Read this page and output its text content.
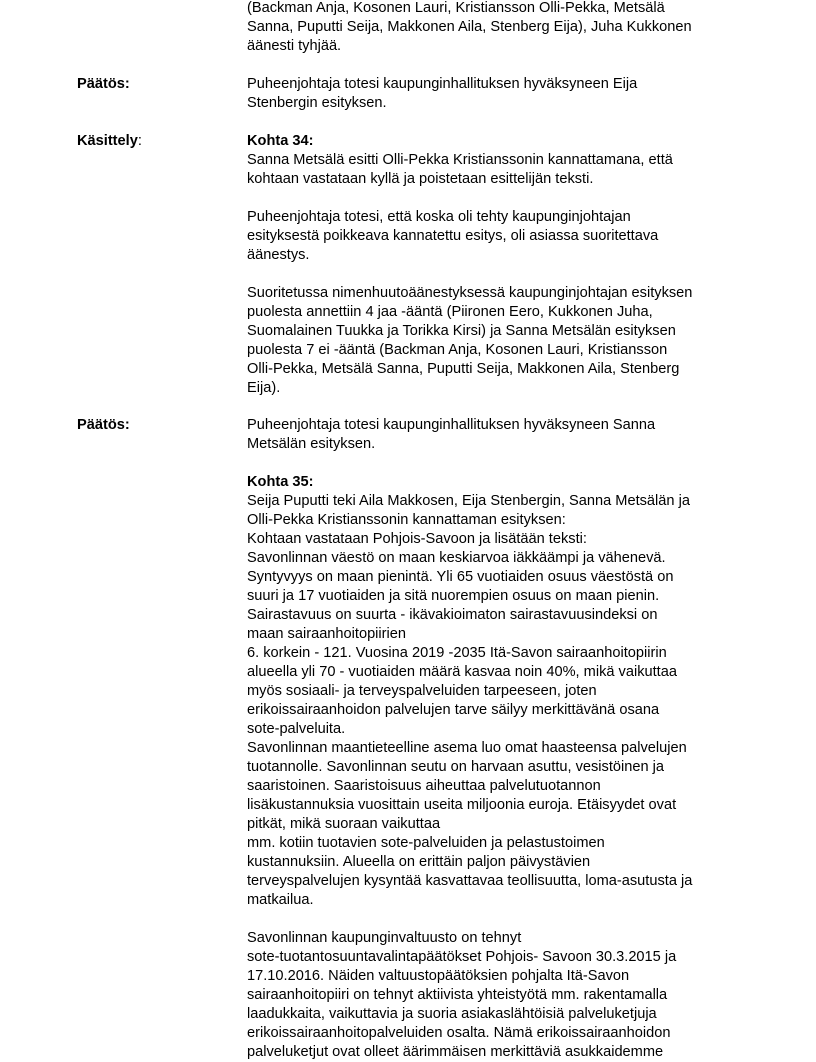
(Backman Anja, Kosonen Lauri, Kristiansson Olli-Pekka, Metsälä
Sanna, Puputti Seija, Makkonen Aila, Stenberg Eija), Juha Kukkonen
äänesti tyhjää.
Päätös:	Puheenjohtaja totesi kaupunginhallituksen hyväksyneen Eija
Stenbergin esityksen.
Käsittely:	Kohta 34:
Sanna Metsälä esitti Olli-Pekka Kristianssonin kannattamana, että
kohtaan vastataan kyllä ja poistetaan esittelijän teksti.
Puheenjohtaja totesi, että koska oli tehty kaupunginjohtajan
esityksestä poikkeava kannatettu esitys, oli asiassa suoritettava
äänestys.
Suoritetussa nimenhuutoäänestyksessä kaupunginjohtajan esityksen
puolesta annettiin 4 jaa -ääntä (Piironen Eero, Kukkonen Juha,
Suomalainen Tuukka ja Torikka Kirsi) ja Sanna Metsälän esityksen
puolesta 7 ei -ääntä (Backman Anja, Kosonen Lauri, Kristiansson
Olli-Pekka, Metsälä Sanna, Puputti Seija, Makkonen Aila, Stenberg
Eija).
Päätös:	Puheenjohtaja totesi kaupunginhallituksen hyväksyneen Sanna
Metsälän esityksen.
Kohta 35:
Seija Puputti teki Aila Makkosen, Eija Stenbergin, Sanna Metsälän ja
Olli-Pekka Kristianssonin kannattaman esityksen:
Kohtaan vastataan Pohjois-Savoon ja lisätään teksti:
Savonlinnan väestö on maan keskiarvoa iäkkäämpi ja vähenevä.
Syntyvyys on maan pienintä. Yli 65 vuotiaiden osuus väestöstä on
suuri ja 17 vuotiaiden ja sitä nuorempien osuus on maan pienin.
Sairastavuus on suurta - ikävakioimaton sairastavuusindeksi on
maan sairaanhoitopiirien
6. korkein - 121. Vuosina 2019 -2035 Itä-Savon sairaanhoitopiirin
alueella yli 70 - vuotiaiden määrä kasvaa noin 40%, mikä vaikuttaa
myös sosiaali- ja terveyspalveluiden tarpeeseen, joten
erikoissairaanhoidon palvelujen tarve säilyy merkittävänä osana
sote-palveluita.
Savonlinnan maantieteelline asema luo omat haasteensa palvelujen
tuotannolle. Savonlinnan seutu on harvaan asuttu, vesistöinen ja
saaristoinen. Saaristoisuus aiheuttaa palvelutuotannon
lisäkustannuksia vuosittain useita miljoonia euroja. Etäisyydet ovat
pitkät, mikä suoraan vaikuttaa
mm. kotiin tuotavien sote-palveluiden ja pelastustoimen
kustannuksiin. Alueella on erittäin paljon päivystävien
terveyspalvelujen kysyntää kasvattavaa teollisuutta, loma-asutusta ja
matkailua.
Savonlinnan kaupunginvaltuusto on tehnyt
sote-tuotantosuuntavalintapäätökset Pohjois- Savoon 30.3.2015 ja
17.10.2016. Näiden valtuustopäätöksien pohjalta Itä-Savon
sairaanhoitopiiri on tehnyt aktiivista yhteistyötä mm. rakentamalla
laadukkaita, vaikuttavia ja suoria asiakaslähtöisiä palveluketjuja
erikoissairaanhoitopalveluiden osalta. Nämä erikoissairaanhoidon
palveluketjut ovat olleet äärimmäisen merkittäviä asukkaidemme
